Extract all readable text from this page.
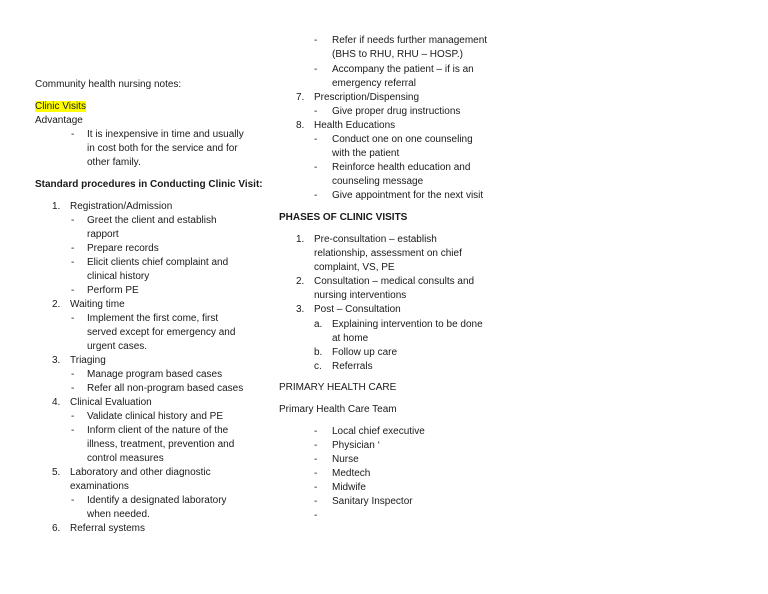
Community health nursing notes:
Clinic Visits
Advantage
- It is inexpensive in time and usually
in cost both for the service and for
other family.
Standard procedures in Conducting Clinic Visit:
1. Registration/Admission
- Greet the client and establish
rapport
- Prepare records
- Elicit clients chief complaint and
clinical history
- Perform PE
2. Waiting time
- Implement the first come, first
served except for emergency and
urgent cases.
3. Triaging
- Manage program based cases
- Refer all non-program based cases
4. Clinical Evaluation
- Validate clinical history and PE
- Inform client of the nature of the
illness, treatment, prevention and
control measures
5. Laboratory and other diagnostic
examinations
- Identify a designated laboratory
when needed.
6. Referral systems
- Refer if needs further management
(BHS to RHU, RHU – HOSP.)
- Accompany the patient – if is an
emergency referral
7. Prescription/Dispensing
- Give proper drug instructions
8. Health Educations
- Conduct one on one counseling
with the patient
- Reinforce health education and
counseling message
- Give appointment for the next visit
PHASES OF CLINIC VISITS
1. Pre-consultation – establish
relationship, assessment on chief
complaint, VS, PE
2. Consultation – medical consults and
nursing interventions
3. Post – Consultation
a. Explaining intervention to be done
at home
b. Follow up care
c. Referrals
PRIMARY HEALTH CARE
Primary Health Care Team
- Local chief executive
- Physician ‘
- Nurse
- Medtech
- Midwife
- Sanitary Inspector
-
